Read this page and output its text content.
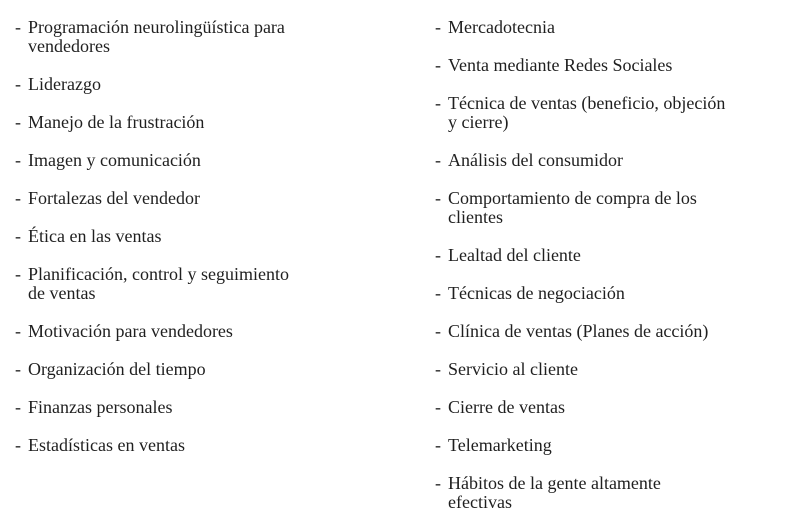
- Programación neurolingüística para
vendedores
- Liderazgo
- Manejo de la frustración
- Imagen y comunicación
- Fortalezas del vendedor
- Ética en las ventas
- Planificación, control y seguimiento
de ventas
- Motivación para vendedores
- Organización del tiempo
- Finanzas personales
- Estadísticas en ventas
- Mercadotecnia
- Venta mediante Redes Sociales
- Técnica de ventas (beneficio, objeción
y cierre)
- Análisis del consumidor
- Comportamiento de compra de los
clientes
- Lealtad del cliente
- Técnicas de negociación
- Clínica de ventas (Planes de acción)
- Servicio al cliente
- Cierre de ventas
- Telemarketing
- Hábitos de la gente altamente
efectivas
